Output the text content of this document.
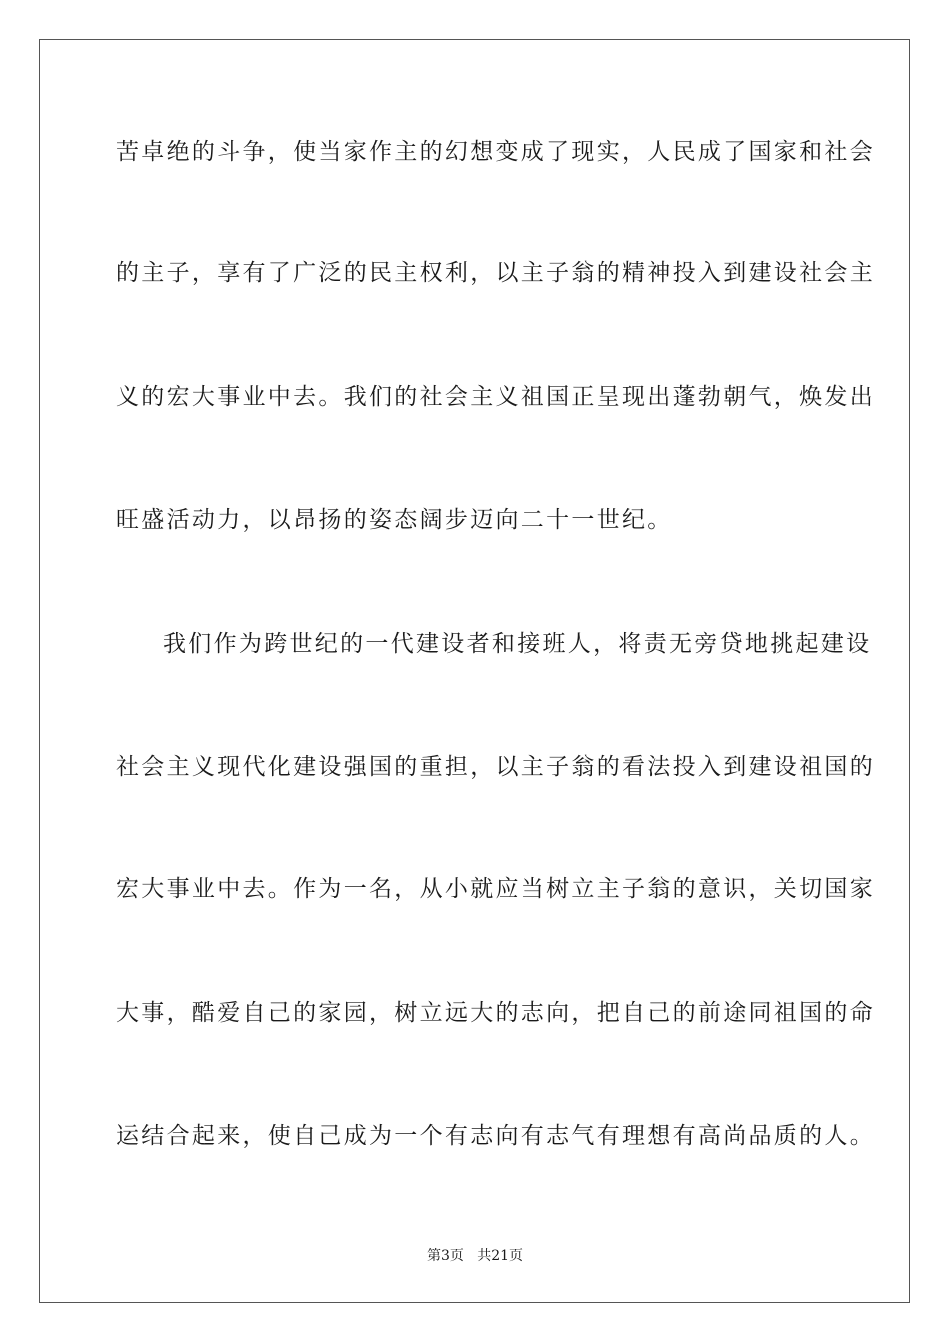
苦卓绝的斗争，使当家作主的幻想变成了现实，人民成了国家和社会
的主子，享有了广泛的民主权利，以主子翁的精神投入到建设社会主
义的宏大事业中去。我们的社会主义祖国正呈现出蓬勃朝气，焕发出
旺盛活动力，以昂扬的姿态阔步迈向二十一世纪。
我们作为跨世纪的一代建设者和接班人，将责无旁贷地挑起建设
社会主义现代化建设强国的重担，以主子翁的看法投入到建设祖国的
宏大事业中去。作为一名，从小就应当树立主子翁的意识，关切国家
大事，酷爱自己的家园，树立远大的志向，把自己的前途同祖国的命
运结合起来，使自己成为一个有志向有志气有理想有高尚品质的人。
第3页   共21页
